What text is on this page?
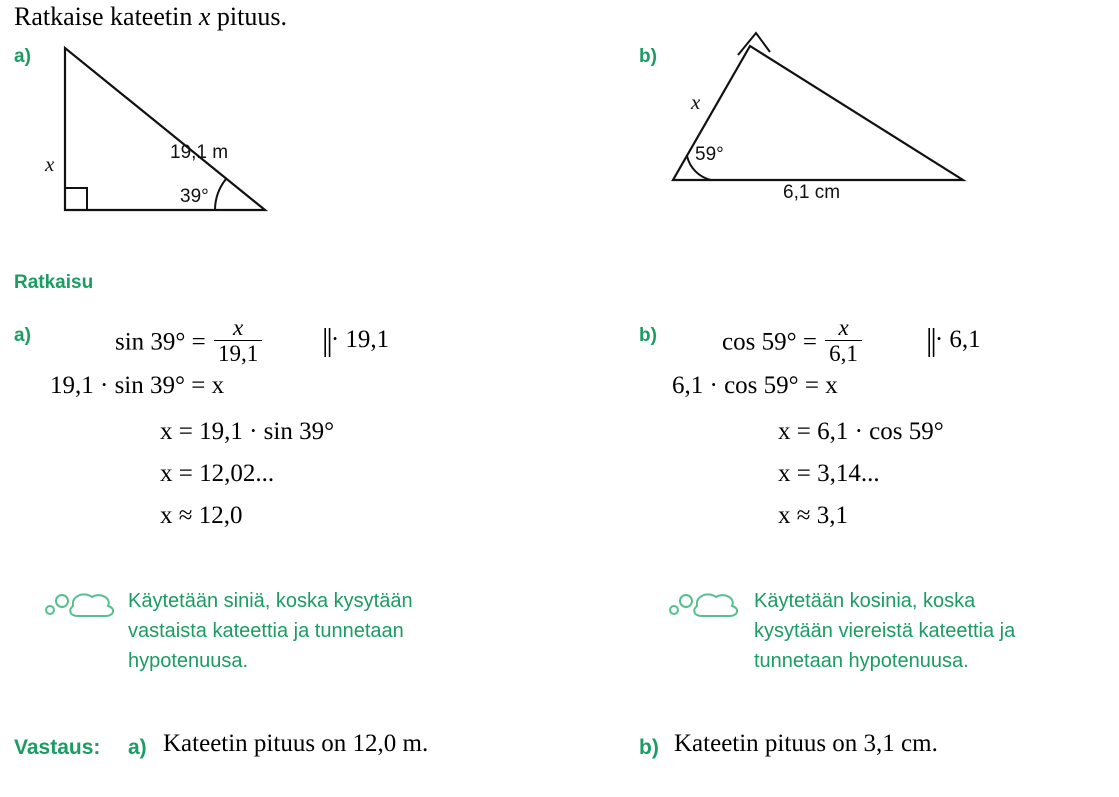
Ratkaise kateetin x pituus.
a)
19,1 m
x
39°
b)
x
59°
6,1 cm
Ratkaisu
a)	$\sin 39^\circ = \frac{x}{19,1}$ ||· 19,1
19,1 · sin 39° = x
x = 19,1 · sin 39°
x = 12,02...
x ≈ 12,0
Käytetään siniä, koska kysytään vastaista kateettia ja tunnetaan hypotenuusa.
b)	$\cos 59^\circ = \frac{x}{6,1}$ ||· 6,1
6,1 · cos 59° = x
x = 6,1 · cos 59°
x = 3,14...
x ≈ 3,1
Käytetään kosinia, koska kysytään viereistä kateettia ja tunnetaan hypotenuusa.
Vastaus: a) Kateetin pituus on 12,0 m.	b) Kateetin pituus on 3,1 cm.
